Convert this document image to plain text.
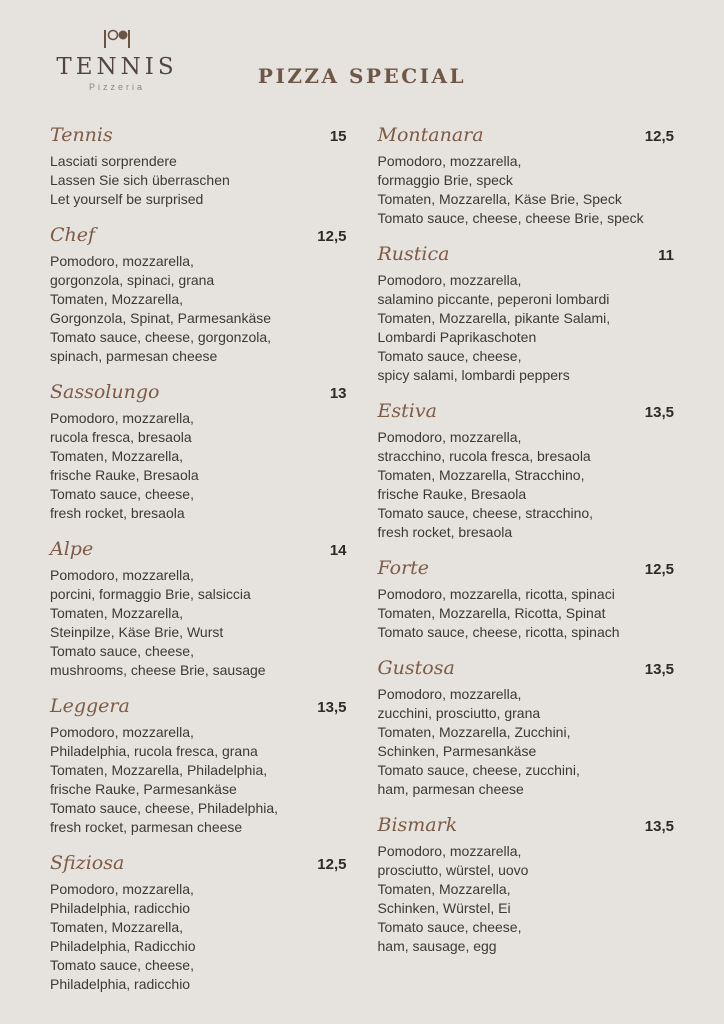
TENNIS
Pizzeria	PIZZA SPECIAL
Tennis	15
Lasciati sorprendere
Lassen Sie sich überraschen
Let yourself be surprised
Chef	12,5
Pomodoro, mozzarella,
gorgonzola, spinaci, grana
Tomaten, Mozzarella,
Gorgonzola, Spinat, Parmesankäse
Tomato sauce, cheese, gorgonzola,
spinach, parmesan cheese
Sassolungo	13
Pomodoro, mozzarella,
rucola fresca, bresaola
Tomaten, Mozzarella,
frische Rauke, Bresaola
Tomato sauce, cheese,
fresh rocket, bresaola
Alpe	14
Pomodoro, mozzarella,
porcini, formaggio Brie, salsiccia
Tomaten, Mozzarella,
Steinpilze, Käse Brie, Wurst
Tomato sauce, cheese,
mushrooms, cheese Brie, sausage
Leggera	13,5
Pomodoro, mozzarella,
Philadelphia, rucola fresca, grana
Tomaten, Mozzarella, Philadelphia,
frische Rauke, Parmesankäse
Tomato sauce, cheese, Philadelphia,
fresh rocket, parmesan cheese
Sfiziosa	12,5
Pomodoro, mozzarella,
Philadelphia, radicchio
Tomaten, Mozzarella,
Philadelphia, Radicchio
Tomato sauce, cheese,
Philadelphia, radicchio
Montanara	12,5
Pomodoro, mozzarella,
formaggio Brie, speck
Tomaten, Mozzarella, Käse Brie, Speck
Tomato sauce, cheese, cheese Brie, speck
Rustica	11
Pomodoro, mozzarella,
salamino piccante, peperoni lombardi
Tomaten, Mozzarella, pikante Salami,
Lombardi Paprikaschoten
Tomato sauce, cheese,
spicy salami, lombardi peppers
Estiva	13,5
Pomodoro, mozzarella,
stracchino, rucola fresca, bresaola
Tomaten, Mozzarella, Stracchino,
frische Rauke, Bresaola
Tomato sauce, cheese, stracchino,
fresh rocket, bresaola
Forte	12,5
Pomodoro, mozzarella, ricotta, spinaci
Tomaten, Mozzarella, Ricotta, Spinat
Tomato sauce, cheese, ricotta, spinach
Gustosa	13,5
Pomodoro, mozzarella,
zucchini, prosciutto, grana
Tomaten, Mozzarella, Zucchini,
Schinken, Parmesankäse
Tomato sauce, cheese, zucchini,
ham, parmesan cheese
Bismark	13,5
Pomodoro, mozzarella,
prosciutto, würstel, uovo
Tomaten, Mozzarella,
Schinken, Würstel, Ei
Tomato sauce, cheese,
ham, sausage, egg
